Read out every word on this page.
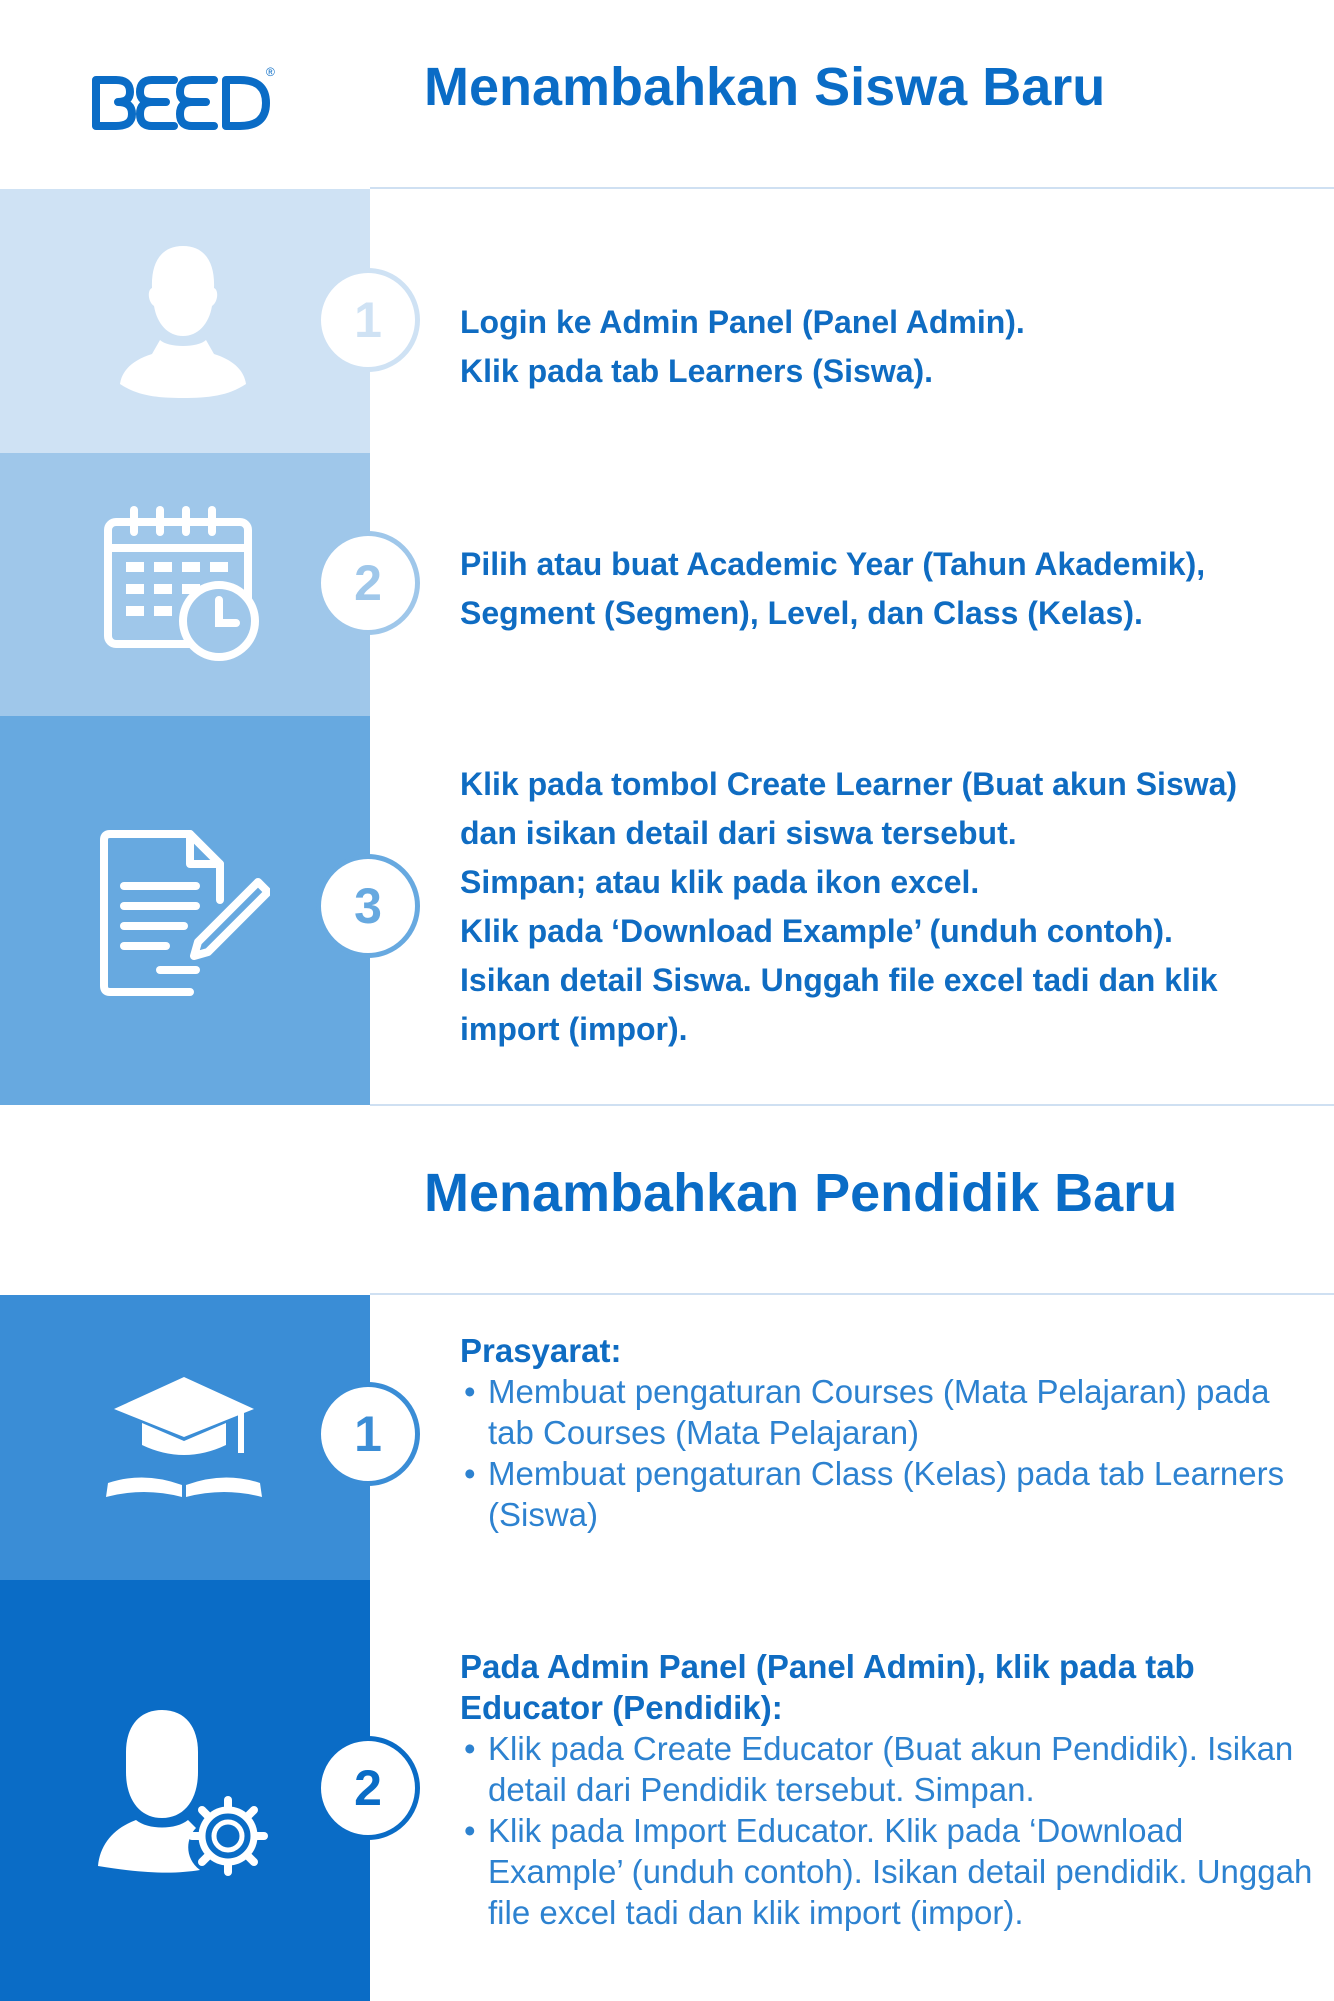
®	Menambahkan Siswa Baru
1	Login ke Admin Panel (Panel Admin).

Klik pada tab Learners (Siswa).

2	Pilih atau buat Academic Year (Tahun Akademik),

Segment (Segmen), Level, dan Class (Kelas).

3

Klik pada tombol Create Learner (Buat akun Siswa)

dan isikan detail dari siswa tersebut.

Simpan; atau klik pada ikon excel.

Klik pada ‘Download Example’ (unduh contoh).

Isikan detail Siswa. Unggah file excel tadi dan klik

import (impor).

Menambahkan Pendidik Baru
1

Prasyarat:

• Membuat pengaturan Courses (Mata Pelajaran) pada tab Courses (Mata Pelajaran)
• Membuat pengaturan Class (Kelas) pada tab Learners (Siswa)
2

Pada Admin Panel (Panel Admin), klik pada tab Educator (Pendidik):

• Klik pada Create Educator (Buat akun Pendidik). Isikan detail dari Pendidik tersebut. Simpan.
• Klik pada Import Educator. Klik pada ‘Download Example’ (unduh contoh). Isikan detail pendidik. Unggah file excel tadi dan klik import (impor).
